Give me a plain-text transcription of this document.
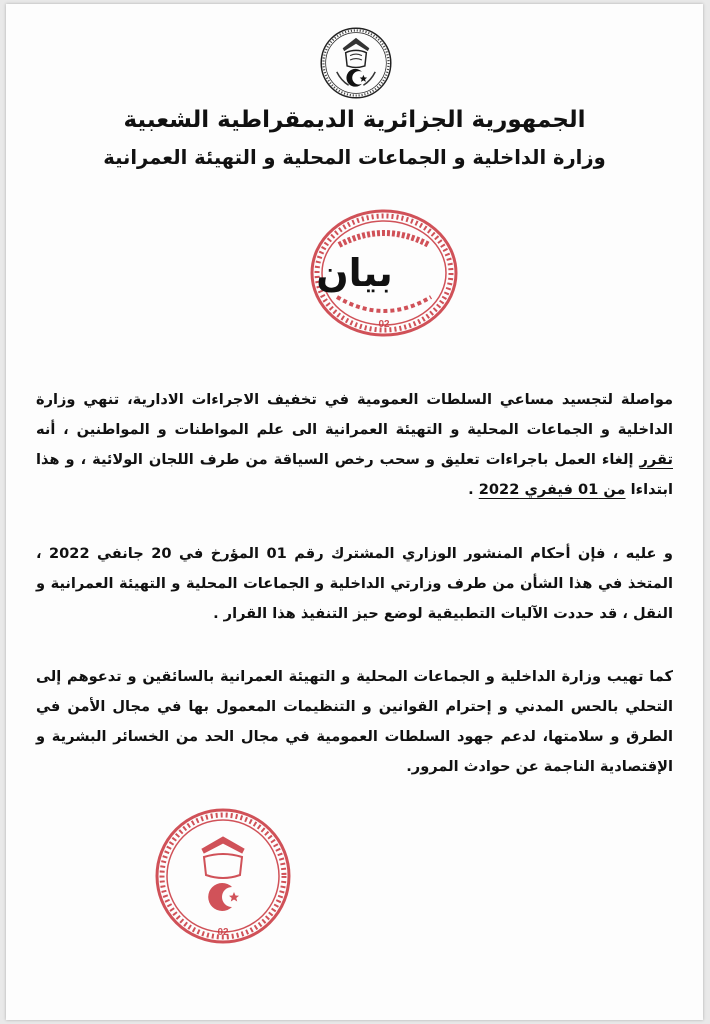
الجمهورية الجزائرية الديمقراطية الشعبية
وزارة الداخلية و الجماعات المحلية و التهيئة العمرانية
02
بيان

مواصلة لتجسيد مساعي السلطات العمومية في تخفيف الاجراءات الادارية، تنهي وزارة الداخلية و الجماعات المحلية و التهيئة العمرانية الى علم المواطنات و المواطنين ، أنه تقرر إلغاء العمل باجراءات تعليق و سحب رخص السياقة من طرف اللجان الولائية ، و هذا ابتداءا من 01 فيفري 2022 .

و عليه ، فإن أحكام المنشور الوزاري المشترك رقم 01 المؤرخ في 20 جانفي 2022 ، المتخذ في هذا الشأن من طرف وزارتي الداخلية و الجماعات المحلية و التهيئة العمرانية و النقل ، قد حددت الآليات التطبيقية لوضع حيز التنفيذ هذا القرار .

كما تهيب وزارة الداخلية و الجماعات المحلية و التهيئة العمرانية بالسائقين و تدعوهم إلى التحلي بالحس المدني و إحترام القوانين و التنظيمات المعمول بها في مجال الأمن في الطرق و سلامتها، لدعم جهود السلطات العمومية في مجال الحد من الخسائر البشرية و الإقتصادية الناجمة عن حوادث المرور.

02
